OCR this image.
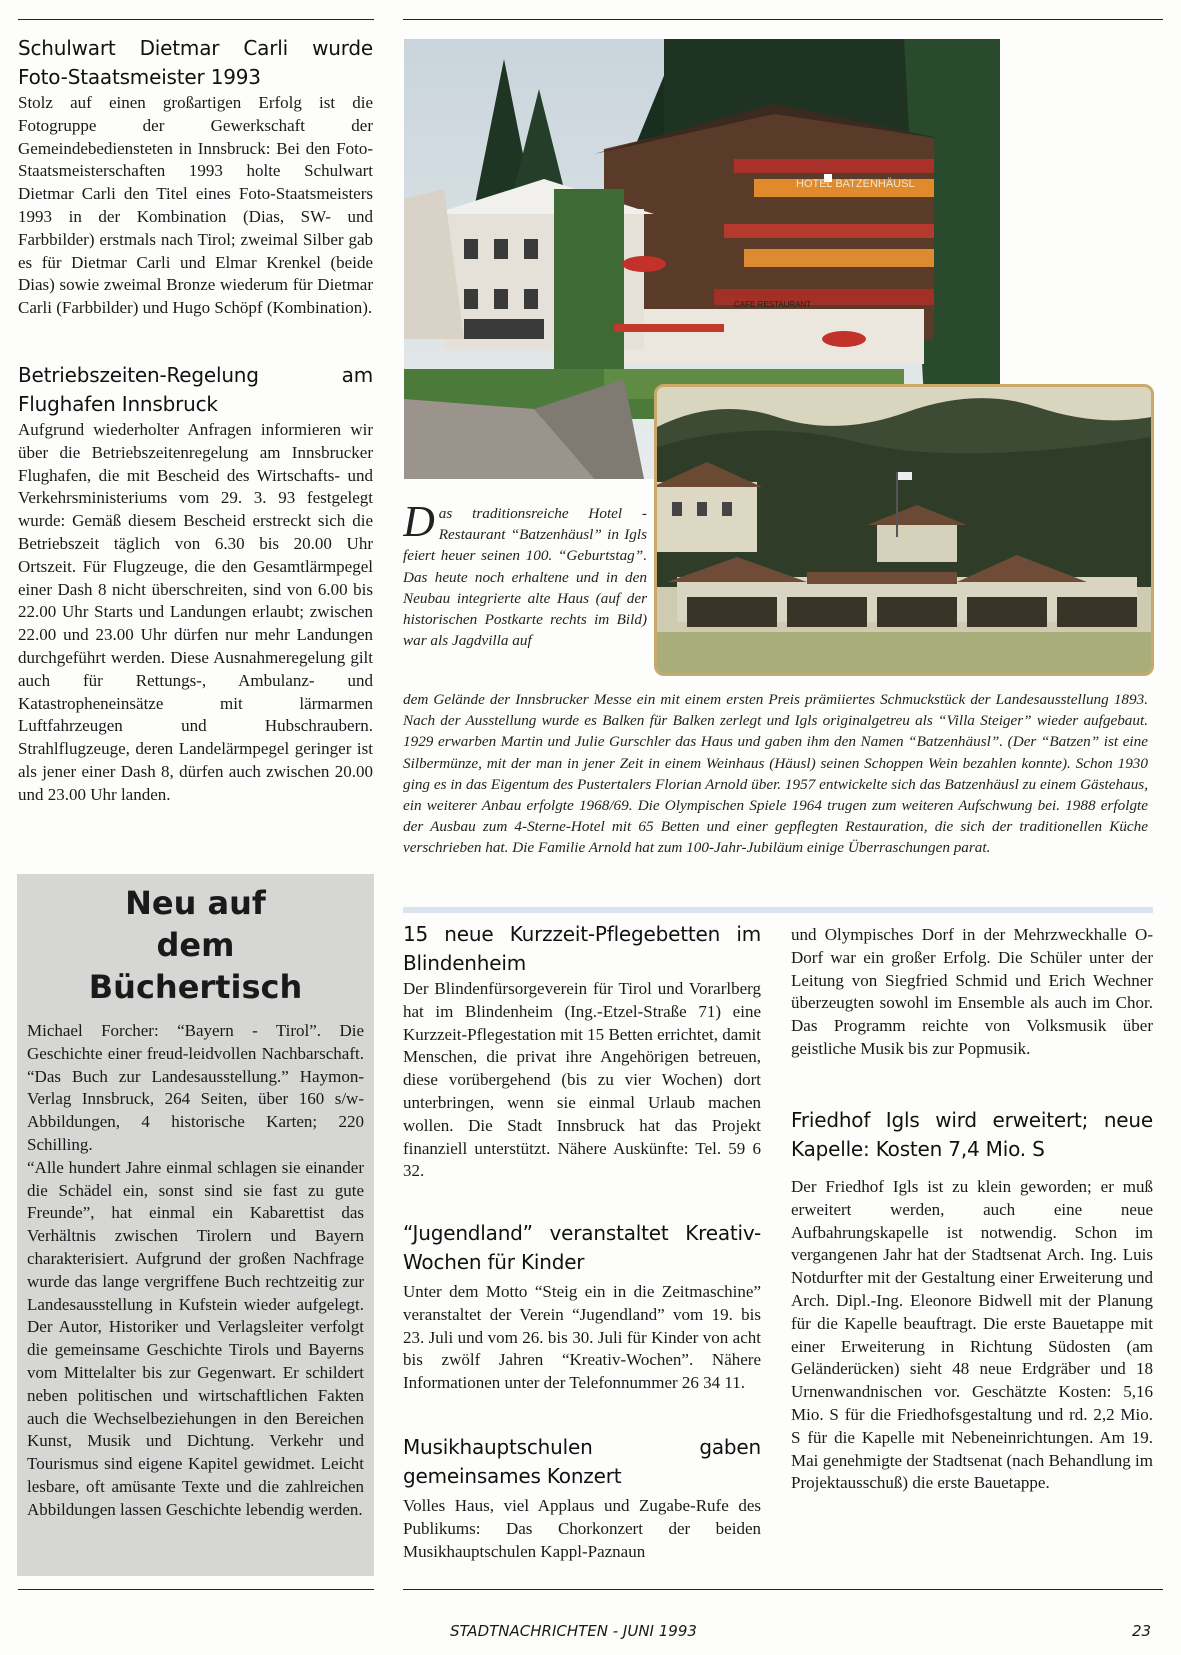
Schulwart Dietmar Carli wurde Foto-Staatsmeister 1993

Stolz auf einen großartigen Erfolg ist die Fotogruppe der Gewerkschaft der Gemeindebediensteten in Innsbruck: Bei den Foto-Staatsmeisterschaften 1993 holte Schulwart Dietmar Carli den Titel eines Foto-Staatsmeisters 1993 in der Kombination (Dias, SW- und Farbbilder) erstmals nach Tirol; zweimal Silber gab es für Dietmar Carli und Elmar Krenkel (beide Dias) sowie zweimal Bronze wiederum für Dietmar Carli (Farbbilder) und Hugo Schöpf (Kombination).

Betriebszeiten-Regelung am Flughafen Innsbruck

Aufgrund wiederholter Anfragen informieren wir über die Betriebszeitenregelung am Innsbrucker Flughafen, die mit Bescheid des Wirtschafts- und Verkehrsministeriums vom 29. 3. 93 festgelegt wurde: Gemäß diesem Bescheid erstreckt sich die Betriebszeit täglich von 6.30 bis 20.00 Uhr Ortszeit. Für Flugzeuge, die den Gesamtlärmpegel einer Dash 8 nicht überschreiten, sind von 6.00 bis 22.00 Uhr Starts und Landungen erlaubt; zwischen 22.00 und 23.00 Uhr dürfen nur mehr Landungen durchgeführt werden. Diese Ausnahmeregelung gilt auch für Rettungs-, Ambulanz- und Katastropheneinsätze mit lärmarmen Luftfahrzeugen und Hubschraubern. Strahlflugzeuge, deren Landelärmpegel geringer ist als jener einer Dash 8, dürfen auch zwischen 20.00 und 23.00 Uhr landen.

Neu auf dem Büchertisch

Michael Forcher: “Bayern - Tirol”. Die Geschichte einer freud-leidvollen Nachbarschaft. “Das Buch zur Landesausstellung.” Haymon-Verlag Innsbruck, 264 Seiten, über 160 s/w-Abbildungen, 4 historische Karten; 220 Schilling.

“Alle hundert Jahre einmal schlagen sie einander die Schädel ein, sonst sind sie fast zu gute Freunde”, hat einmal ein Kabarettist das Verhältnis zwischen Tirolern und Bayern charakterisiert. Aufgrund der großen Nachfrage wurde das lange vergriffene Buch rechtzeitig zur Landesausstellung in Kufstein wieder aufgelegt. Der Autor, Historiker und Verlagsleiter verfolgt die gemeinsame Geschichte Tirols und Bayerns vom Mittelalter bis zur Gegenwart. Er schildert neben politischen und wirtschaftlichen Fakten auch die Wechselbeziehungen in den Bereichen Kunst, Musik und Dichtung. Verkehr und Tourismus sind eigene Kapitel gewidmet. Leicht lesbare, oft amüsante Texte und die zahlreichen Abbildungen lassen Geschichte lebendig werden.

HOTEL BATZENHÄUSL
CAFE RESTAURANT
D as traditionsreiche Hotel - Restaurant “Batzenhäusl” in Igls feiert heuer seinen 100. “Geburtstag”. Das heute noch erhaltene und in den Neubau integrierte alte Haus (auf der historischen Postkarte rechts im Bild) war als Jagdvilla auf
dem Gelände der Innsbrucker Messe ein mit einem ersten Preis prämiiertes Schmuckstück der Landesausstellung 1893. Nach der Ausstellung wurde es Balken für Balken zerlegt und Igls originalgetreu als “Villa Steiger” wieder aufgebaut. 1929 erwarben Martin und Julie Gurschler das Haus und gaben ihm den Namen “Batzenhäusl”. (Der “Batzen” ist eine Silbermünze, mit der man in jener Zeit in einem Weinhaus (Häusl) seinen Schoppen Wein bezahlen konnte). Schon 1930 ging es in das Eigentum des Pustertalers Florian Arnold über. 1957 entwickelte sich das Batzenhäusl zu einem Gästehaus, ein weiterer Anbau erfolgte 1968/69. Die Olympischen Spiele 1964 trugen zum weiteren Aufschwung bei. 1988 erfolgte der Ausbau zum 4-Sterne-Hotel mit 65 Betten und einer gepflegten Restauration, die sich der traditionellen Küche verschrieben hat. Die Familie Arnold hat zum 100-Jahr-Jubiläum einige Überraschungen parat.
15 neue Kurzzeit-Pflegebetten im Blindenheim

Der Blindenfürsorgeverein für Tirol und Vorarlberg hat im Blindenheim (Ing.-Etzel-Straße 71) eine Kurzzeit-Pflegestation mit 15 Betten errichtet, damit Menschen, die privat ihre Angehörigen betreuen, diese vorübergehend (bis zu vier Wochen) dort unterbringen, wenn sie einmal Urlaub machen wollen. Die Stadt Innsbruck hat das Projekt finanziell unterstützt. Nähere Auskünfte: Tel. 59 6 32.

“Jugendland” veranstaltet Kreativ-Wochen für Kinder

Unter dem Motto “Steig ein in die Zeitmaschine” veranstaltet der Verein “Jugendland” vom 19. bis 23. Juli und vom 26. bis 30. Juli für Kinder von acht bis zwölf Jahren “Kreativ-Wochen”. Nähere Informationen unter der Telefonnummer 26 34 11.

Musikhauptschulen gaben gemeinsames Konzert

Volles Haus, viel Applaus und Zugabe-Rufe des Publikums: Das Chorkonzert der beiden Musikhauptschulen Kappl-Paznaun

und Olympisches Dorf in der Mehrzweckhalle O-Dorf war ein großer Erfolg. Die Schüler unter der Leitung von Siegfried Schmid und Erich Wechner überzeugten sowohl im Ensemble als auch im Chor. Das Programm reichte von Volksmusik über geistliche Musik bis zur Popmusik.

Friedhof Igls wird erweitert; neue Kapelle: Kosten 7,4 Mio. S

Der Friedhof Igls ist zu klein geworden; er muß erweitert werden, auch eine neue Aufbahrungskapelle ist notwendig. Schon im vergangenen Jahr hat der Stadtsenat Arch. Ing. Luis Notdurfter mit der Gestaltung einer Erweiterung und Arch. Dipl.-Ing. Eleonore Bidwell mit der Planung für die Kapelle beauftragt. Die erste Bauetappe mit einer Erweiterung in Richtung Südosten (am Geländerücken) sieht 48 neue Erdgräber und 18 Urnenwandnischen vor. Geschätzte Kosten: 5,16 Mio. S für die Friedhofsgestaltung und rd. 2,2 Mio. S für die Kapelle mit Nebeneinrichtungen. Am 19. Mai genehmigte der Stadtsenat (nach Behandlung im Projektausschuß) die erste Bauetappe.

STADTNACHRICHTEN - JUNI 1993	23
